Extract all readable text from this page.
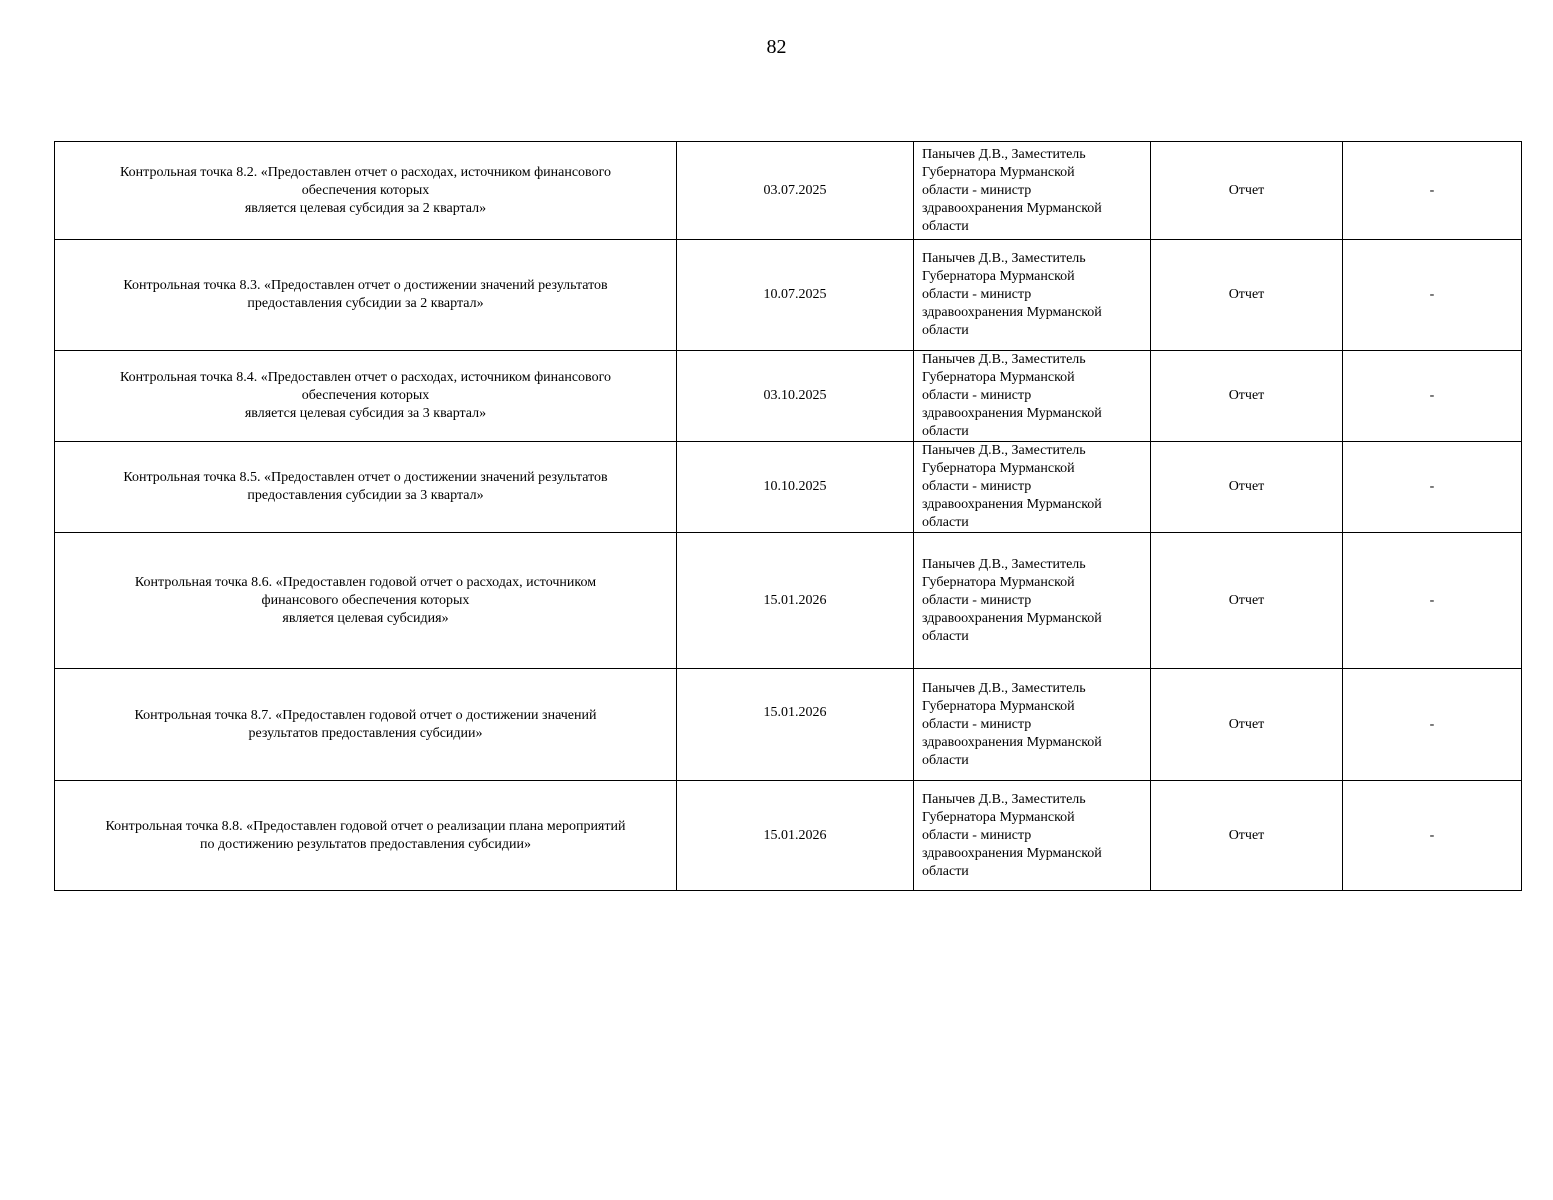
82
Контрольная точка 8.2. «Предоставлен отчет о расходах, источником финансового
обеспечения которых
является целевая субсидия за 2 квартал»	03.07.2025	Панычев Д.В., Заместитель
Губернатора Мурманской
области - министр
здравоохранения Мурманской
области	Отчет	-

Контрольная точка 8.3. «Предоставлен отчет о достижении значений результатов
предоставления субсидии за 2 квартал»	10.07.2025	Панычев Д.В., Заместитель
Губернатора Мурманской
области - министр
здравоохранения Мурманской
области	Отчет	-

Контрольная точка 8.4. «Предоставлен отчет о расходах, источником финансового
обеспечения которых
является целевая субсидия за 3 квартал»	03.10.2025	Панычев Д.В., Заместитель
Губернатора Мурманской
области - министр
здравоохранения Мурманской
области	Отчет	-

Контрольная точка 8.5. «Предоставлен отчет о достижении значений результатов
предоставления субсидии за 3 квартал»	10.10.2025	Панычев Д.В., Заместитель
Губернатора Мурманской
области - министр
здравоохранения Мурманской
области	Отчет	-

Контрольная точка 8.6. «Предоставлен годовой отчет о расходах, источником
финансового обеспечения которых
является целевая субсидия»	15.01.2026	Панычев Д.В., Заместитель
Губернатора Мурманской
области - министр
здравоохранения Мурманской
области	Отчет	-

Контрольная точка 8.7. «Предоставлен годовой отчет о достижении значений
результатов предоставления субсидии»	15.01.2026	Панычев Д.В., Заместитель
Губернатора Мурманской
области - министр
здравоохранения Мурманской
области	Отчет	-

Контрольная точка 8.8. «Предоставлен годовой отчет о реализации плана мероприятий
по достижению результатов предоставления субсидии»	15.01.2026	Панычев Д.В., Заместитель
Губернатора Мурманской
области - министр
здравоохранения Мурманской
области	Отчет	-
